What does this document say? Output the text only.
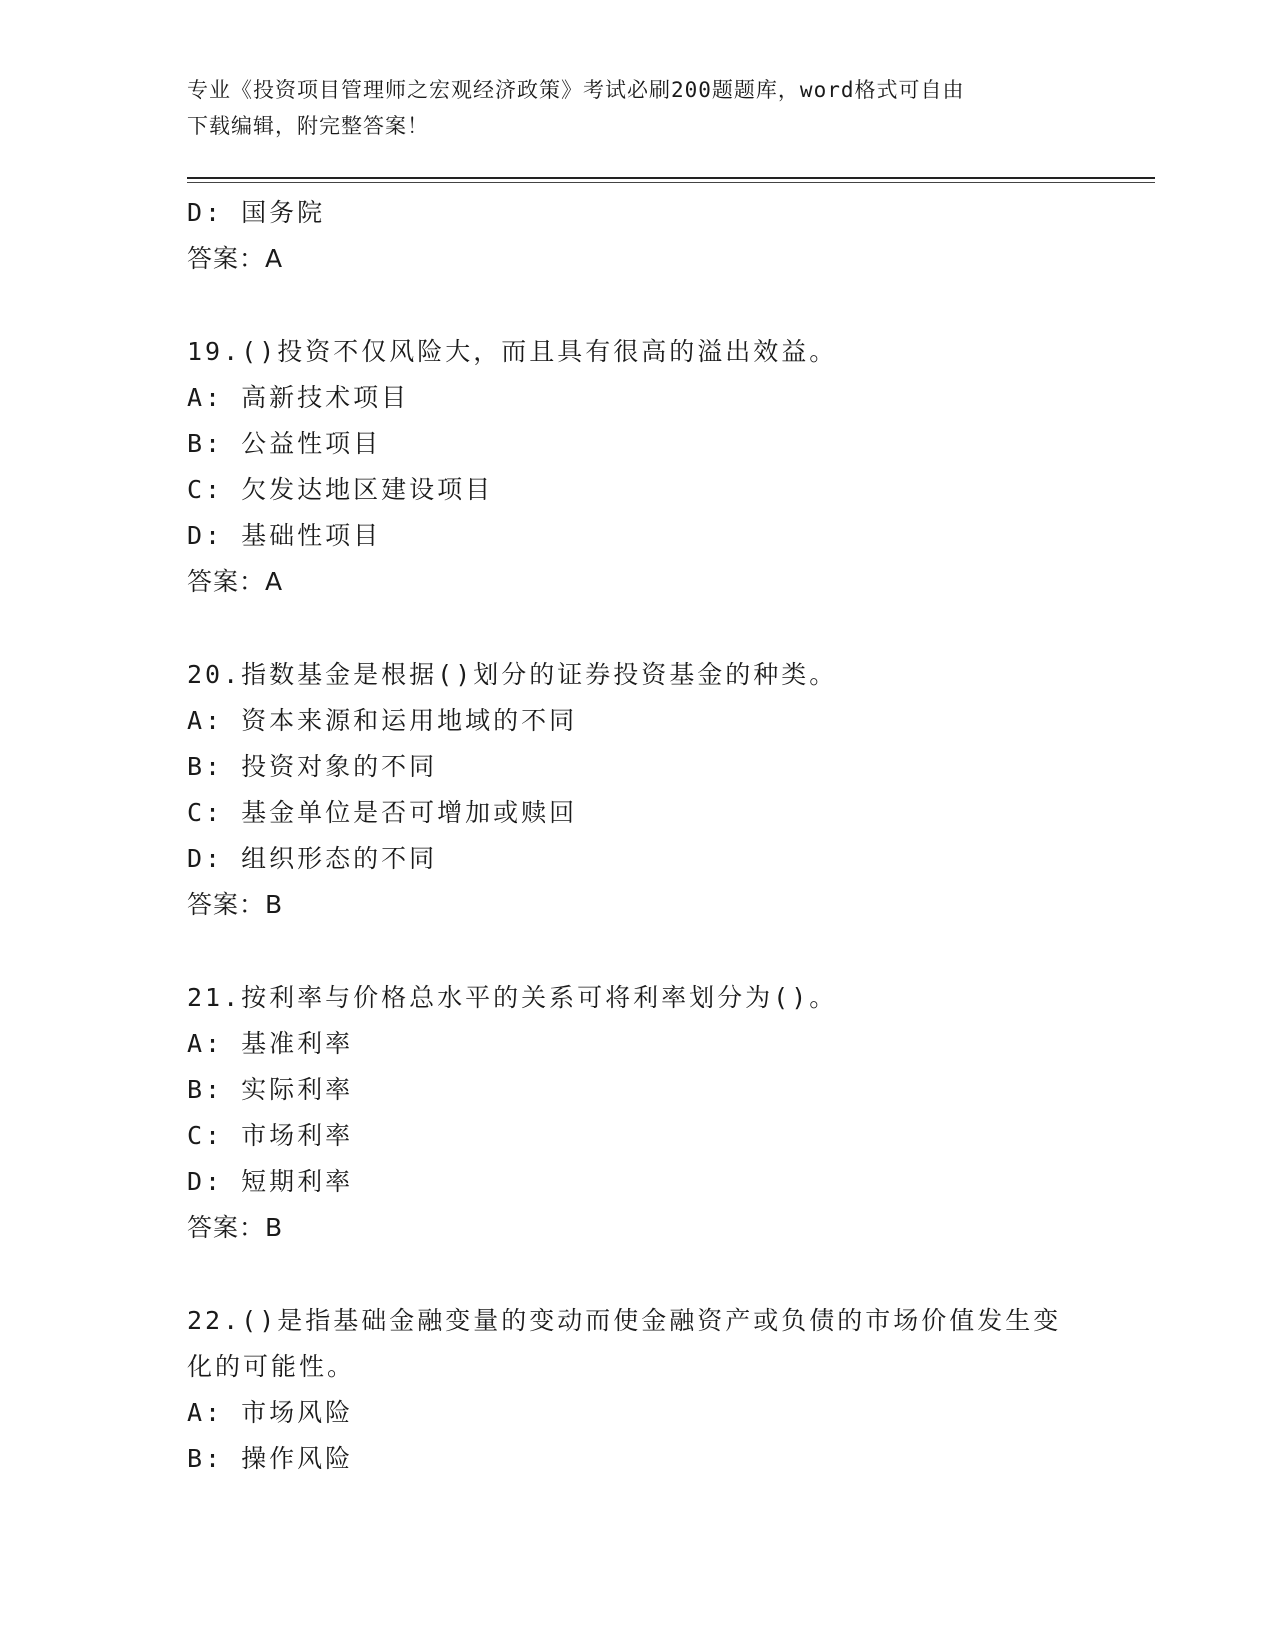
专业《投资项目管理师之宏观经济政策》考试必刷200题题库，word格式可自由
下载编辑，附完整答案！
D: 国务院
答案：A
19.()投资不仅风险大，而且具有很高的溢出效益。
A: 高新技术项目
B: 公益性项目
C: 欠发达地区建设项目
D: 基础性项目
答案：A
20.指数基金是根据()划分的证券投资基金的种类。
A: 资本来源和运用地域的不同
B: 投资对象的不同
C: 基金单位是否可增加或赎回
D: 组织形态的不同
答案：B
21.按利率与价格总水平的关系可将利率划分为()。
A: 基准利率
B: 实际利率
C: 市场利率
D: 短期利率
答案：B
22.()是指基础金融变量的变动而使金融资产或负债的市场价值发生变
化的可能性。
A: 市场风险
B: 操作风险
